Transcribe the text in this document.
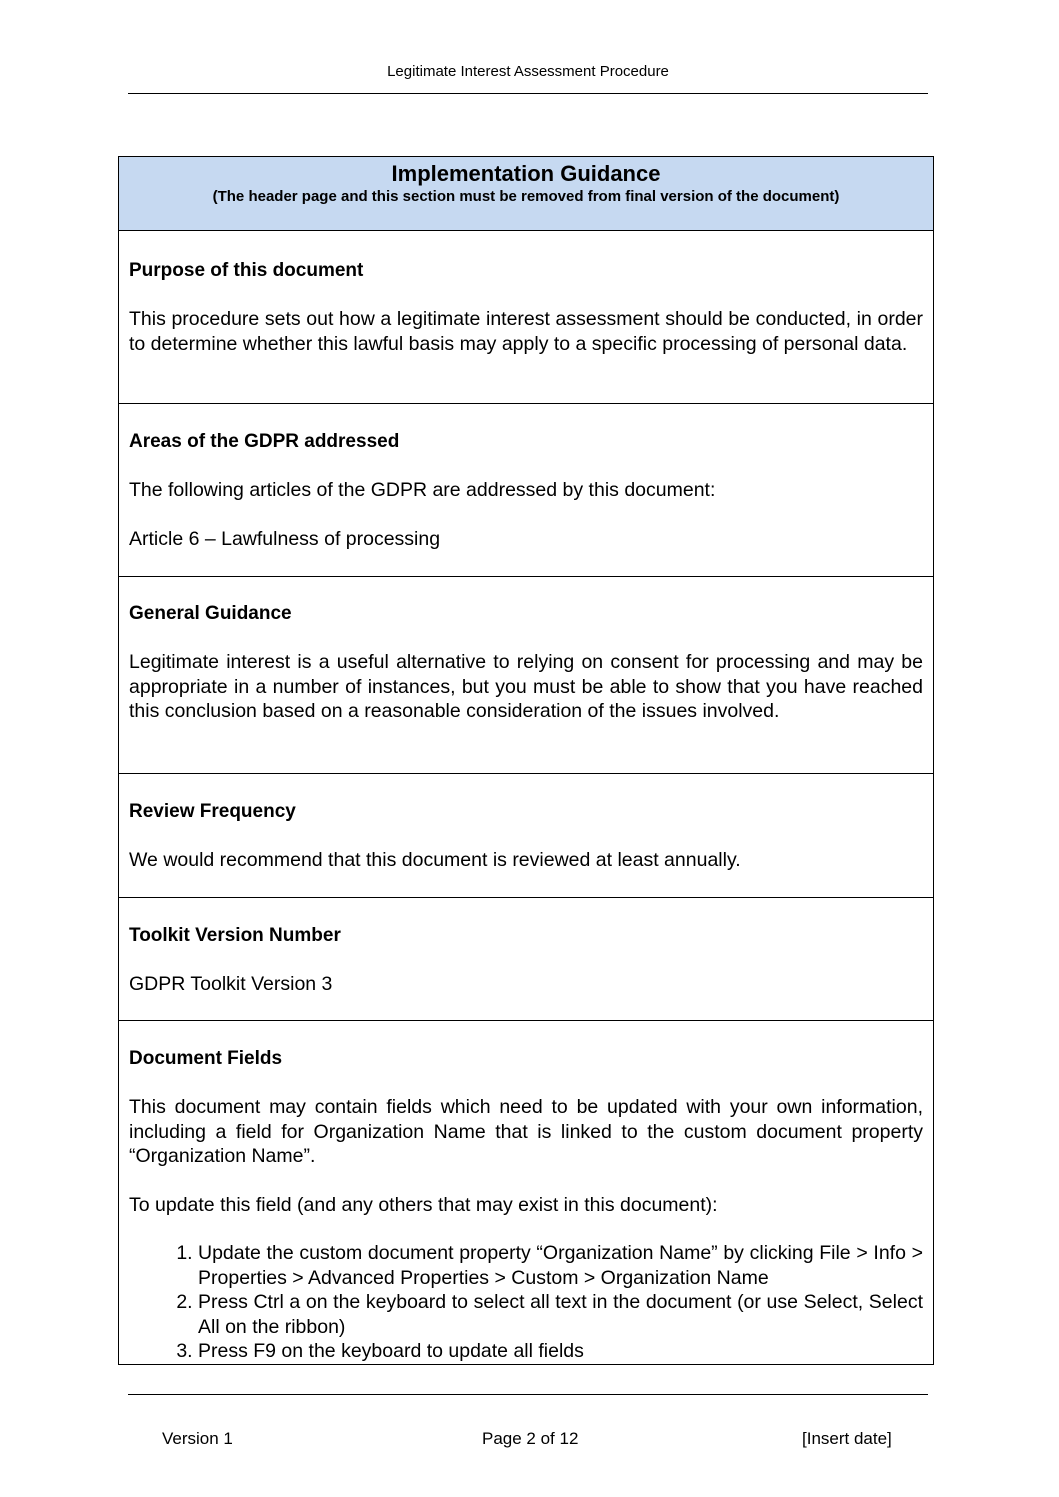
Legitimate Interest Assessment Procedure
Implementation Guidance
(The header page and this section must be removed from final version of the document)
Purpose of this document

This procedure sets out how a legitimate interest assessment should be conducted, in order to determine whether this lawful basis may apply to a specific processing of personal data.

Areas of the GDPR addressed

The following articles of the GDPR are addressed by this document:

Article 6 – Lawfulness of processing

General Guidance

Legitimate interest is a useful alternative to relying on consent for processing and may be appropriate in a number of instances, but you must be able to show that you have reached this conclusion based on a reasonable consideration of the issues involved.

Review Frequency

We would recommend that this document is reviewed at least annually.

Toolkit Version Number

GDPR Toolkit Version 3

Document Fields

This document may contain fields which need to be updated with your own information, including a field for Organization Name that is linked to the custom document property “Organization Name”.

To update this field (and any others that may exist in this document):

1. Update the custom document property “Organization Name” by clicking File > Info > Properties > Advanced Properties > Custom > Organization Name
2. Press Ctrl a on the keyboard to select all text in the document (or use Select, Select All on the ribbon)
3. Press F9 on the keyboard to update all fields
Version 1	Page 2 of 12	[Insert date]
